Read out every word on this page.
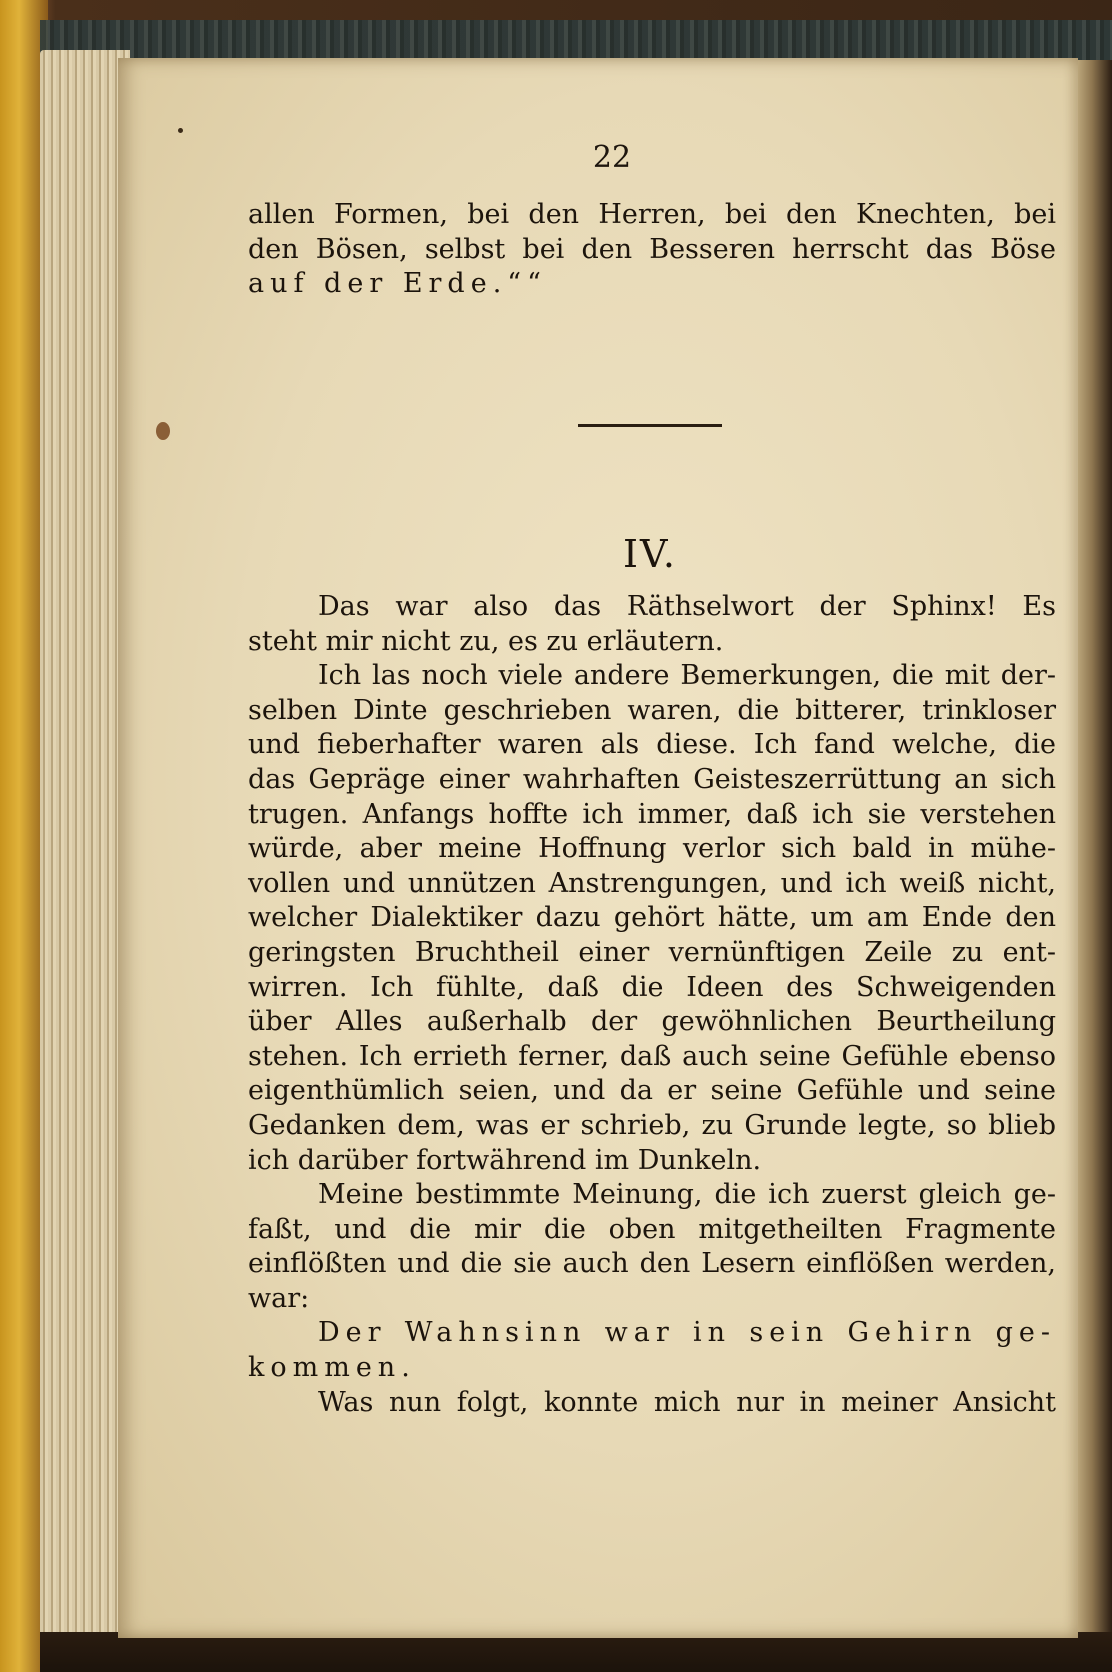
22
allen Formen, bei den Herren, bei den Knechten, bei
den Bösen, selbst bei den Besseren herrscht das Böse
auf der Erde.““
IV.
Das war also das Räthselwort der Sphinx! Es
steht mir nicht zu, es zu erläutern.
Ich las noch viele andere Bemerkungen, die mit der-
selben Dinte geschrieben waren, die bitterer, trinkloser
und fieberhafter waren als diese. Ich fand welche, die
das Gepräge einer wahrhaften Geisteszerrüttung an sich
trugen. Anfangs hoffte ich immer, daß ich sie verstehen
würde, aber meine Hoffnung verlor sich bald in mühe-
vollen und unnützen Anstrengungen, und ich weiß nicht,
welcher Dialektiker dazu gehört hätte, um am Ende den
geringsten Bruchtheil einer vernünftigen Zeile zu ent-
wirren. Ich fühlte, daß die Ideen des Schweigenden
über Alles außerhalb der gewöhnlichen Beurtheilung
stehen. Ich errieth ferner, daß auch seine Gefühle ebenso
eigenthümlich seien, und da er seine Gefühle und seine
Gedanken dem, was er schrieb, zu Grunde legte, so blieb
ich darüber fortwährend im Dunkeln.
Meine bestimmte Meinung, die ich zuerst gleich ge-
faßt, und die mir die oben mitgetheilten Fragmente
einflößten und die sie auch den Lesern einflößen werden,
war:
Der Wahnsinn war in sein Gehirn ge-
kommen.
Was nun folgt, konnte mich nur in meiner Ansicht
